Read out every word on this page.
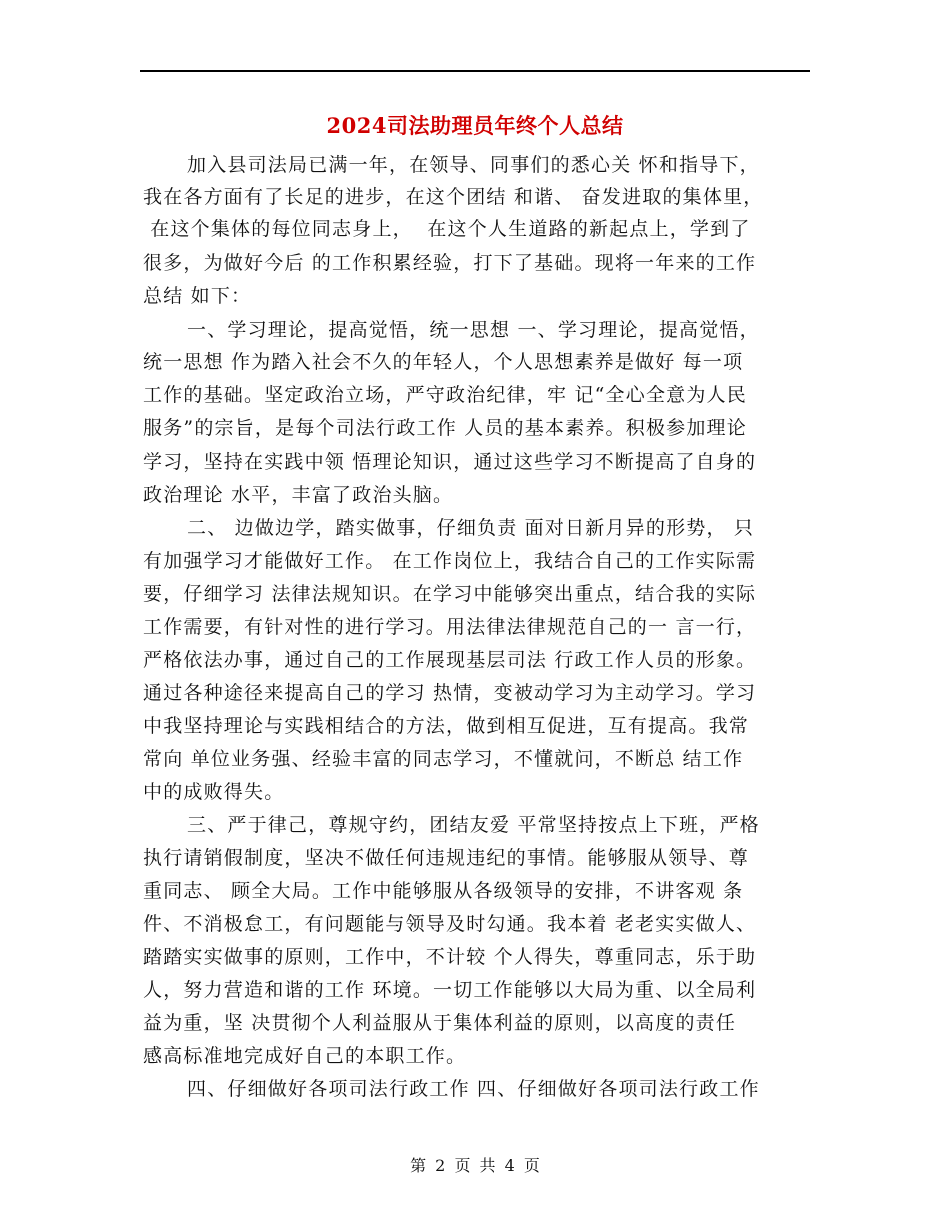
2024司法助理员年终个人总结
加入县司法局已满一年，在领导、同事们的悉心关 怀和指导下，
我在各方面有了长足的进步，在这个团结 和谐、 奋发进取的集体里，
在这个集体的每位同志身上，  在这个人生道路的新起点上，学到了
很多，为做好今后 的工作积累经验，打下了基础。现将一年来的工作
总结 如下：
一、学习理论，提高觉悟，统一思想 一、学习理论，提高觉悟，
统一思想 作为踏入社会不久的年轻人，个人思想素养是做好 每一项
工作的基础。坚定政治立场，严守政治纪律，牢 记“全心全意为人民
服务”的宗旨，是每个司法行政工作 人员的基本素养。积极参加理论
学习，坚持在实践中领 悟理论知识，通过这些学习不断提高了自身的
政治理论 水平，丰富了政治头脑。
二、 边做边学，踏实做事，仔细负责 面对日新月异的形势， 只
有加强学习才能做好工作。 在工作岗位上，我结合自己的工作实际需
要，仔细学习 法律法规知识。在学习中能够突出重点，结合我的实际
工作需要，有针对性的进行学习。用法律法律规范自己的一 言一行，
严格依法办事，通过自己的工作展现基层司法 行政工作人员的形象。
通过各种途径来提高自己的学习 热情，变被动学习为主动学习。学习
中我坚持理论与实践相结合的方法，做到相互促进，互有提高。我常
常向 单位业务强、经验丰富的同志学习，不懂就问，不断总 结工作
中的成败得失。
三、严于律己，尊规守约，团结友爱 平常坚持按点上下班，严格
执行请销假制度，坚决不做任何违规违纪的事情。能够服从领导、尊
重同志、 顾全大局。工作中能够服从各级领导的安排，不讲客观 条
件、不消极怠工，有问题能与领导及时勾通。我本着 老老实实做人、
踏踏实实做事的原则，工作中，不计较 个人得失，尊重同志，乐于助
人，努力营造和谐的工作 环境。一切工作能够以大局为重、以全局利
益为重，坚 决贯彻个人利益服从于集体利益的原则，以高度的责任
感高标准地完成好自己的本职工作。
四、仔细做好各项司法行政工作 四、仔细做好各项司法行政工作
第 2 页 共 4 页
